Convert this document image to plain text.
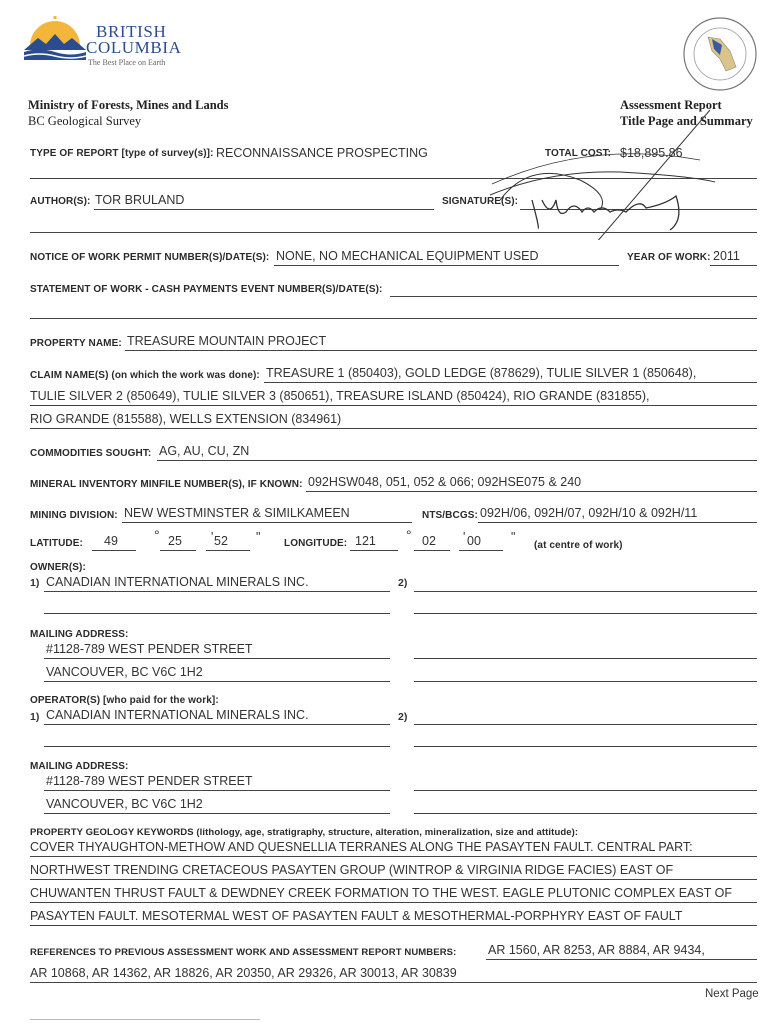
BRITISH
COLUMBIA
The Best Place on Earth
Ministry of Forests, Mines and Lands
BC Geological Survey
Assessment Report
Title Page and Summary
TYPE OF REPORT [type of survey(s)]: RECONNAISSANCE PROSPECTING	TOTAL COST: $18,895.86
AUTHOR(S): TOR BRULAND	SIGNATURE(S):
NOTICE OF WORK PERMIT NUMBER(S)/DATE(S): NONE, NO MECHANICAL EQUIPMENT USED	YEAR OF WORK: 2011
STATEMENT OF WORK - CASH PAYMENTS EVENT NUMBER(S)/DATE(S):
PROPERTY NAME: TREASURE MOUNTAIN PROJECT
CLAIM NAME(S) (on which the work was done): TREASURE 1 (850403), GOLD LEDGE (878629), TULIE SILVER 1 (850648),
TULIE SILVER 2 (850649), TULIE SILVER 3 (850651), TREASURE ISLAND (850424), RIO GRANDE (831855),
RIO GRANDE (815588), WELLS EXTENSION (834961)
COMMODITIES SOUGHT: AG, AU, CU, ZN
MINERAL INVENTORY MINFILE NUMBER(S), IF KNOWN: 092HSW048, 051, 052 & 066; 092HSE075 & 240
MINING DIVISION: NEW WESTMINSTER & SIMILKAMEEN	NTS/BCGS: 092H/06, 092H/07, 092H/10 & 092H/11
LATITUDE: 49	° 25 ' 52 " LONGITUDE: 121 ° 02 ' 00 "
(at centre of work)
OWNER(S):
1) CANADIAN INTERNATIONAL MINERALS INC.	2)
MAILING ADDRESS:
#1128-789 WEST PENDER STREET
VANCOUVER, BC V6C 1H2
OPERATOR(S) [who paid for the work]:
1) CANADIAN INTERNATIONAL MINERALS INC.	2)
MAILING ADDRESS:
#1128-789 WEST PENDER STREET
VANCOUVER, BC V6C 1H2
PROPERTY GEOLOGY KEYWORDS (lithology, age, stratigraphy, structure, alteration, mineralization, size and attitude):
COVER THYAUGHTON-METHOW AND QUESNELLIA TERRANES ALONG THE PASAYTEN FAULT. CENTRAL PART:
NORTHWEST TRENDING CRETACEOUS PASAYTEN GROUP (WINTROP & VIRGINIA RIDGE FACIES) EAST OF
CHUWANTEN THRUST FAULT & DEWDNEY CREEK FORMATION TO THE WEST. EAGLE PLUTONIC COMPLEX EAST OF
PASAYTEN FAULT. MESOTERMAL WEST OF PASAYTEN FAULT & MESOTHERMAL-PORPHYRY EAST OF FAULT
REFERENCES TO PREVIOUS ASSESSMENT WORK AND ASSESSMENT REPORT NUMBERS:	AR 1560, AR 8253, AR 8884, AR 9434,
AR 10868, AR 14362, AR 18826, AR 20350, AR 29326, AR 30013, AR 30839
Next Page
